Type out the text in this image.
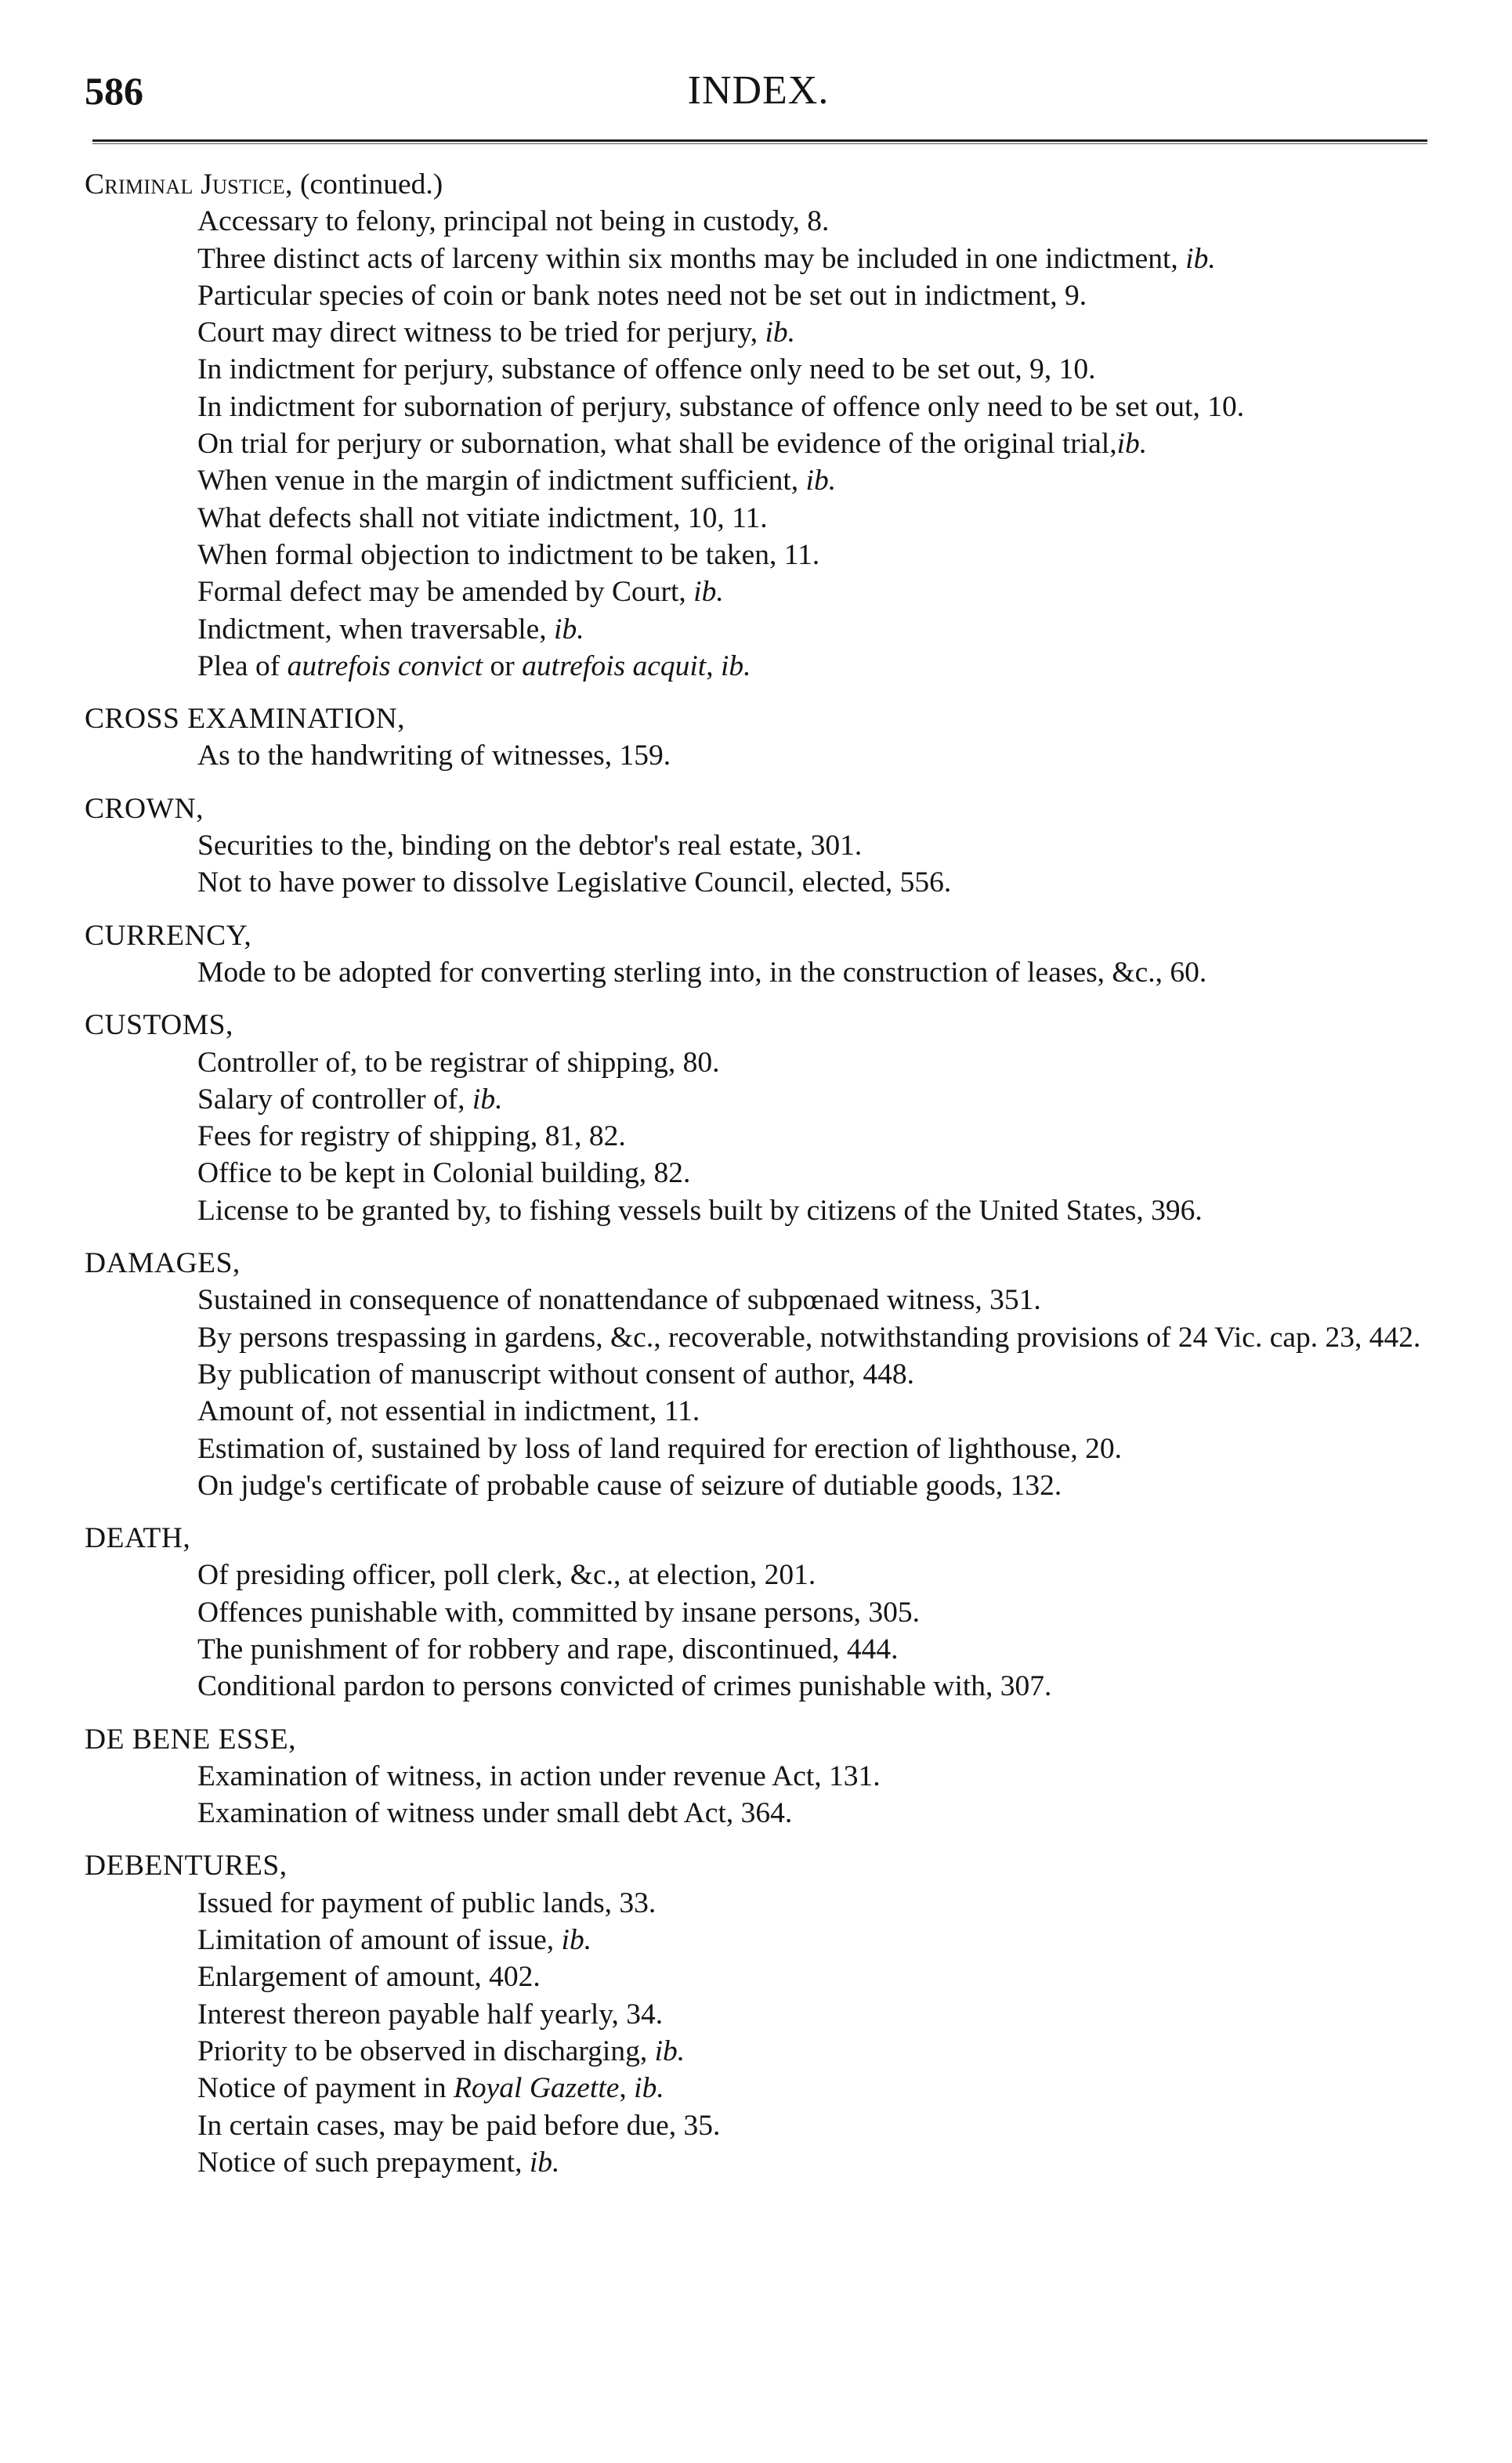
586	INDEX.

Criminal Justice, (continued.)

Accessary to felony, principal not being in custody, 8.

Three distinct acts of larceny within six months may be included in one indictment, ib.

Particular species of coin or bank notes need not be set out in indictment, 9.

Court may direct witness to be tried for perjury, ib.

In indictment for perjury, substance of offence only need to be set out, 9, 10.

In indictment for subornation of perjury, substance of offence only need to be set out, 10.

On trial for perjury or subornation, what shall be evidence of the original trial,ib.

When venue in the margin of indictment sufficient, ib.

What defects shall not vitiate indictment, 10, 11.

When formal objection to indictment to be taken, 11.

Formal defect may be amended by Court, ib.

Indictment, when traversable, ib.

Plea of autrefois convict or autrefois acquit, ib.

CROSS EXAMINATION,

As to the handwriting of witnesses, 159.

CROWN,

Securities to the, binding on the debtor's real estate, 301.

Not to have power to dissolve Legislative Council, elected, 556.

CURRENCY,

Mode to be adopted for converting sterling into, in the construction of leases, &c., 60.

CUSTOMS,

Controller of, to be registrar of shipping, 80.

Salary of controller of, ib.

Fees for registry of shipping, 81, 82.

Office to be kept in Colonial building, 82.

License to be granted by, to fishing vessels built by citizens of the United States, 396.

DAMAGES,

Sustained in consequence of nonattendance of subpœnaed witness, 351.

By persons trespassing in gardens, &c., recoverable, notwithstanding provisions of 24 Vic. cap. 23, 442.

By publication of manuscript without consent of author, 448.

Amount of, not essential in indictment, 11.

Estimation of, sustained by loss of land required for erection of lighthouse, 20.

On judge's certificate of probable cause of seizure of dutiable goods, 132.

DEATH,

Of presiding officer, poll clerk, &c., at election, 201.

Offences punishable with, committed by insane persons, 305.

The punishment of for robbery and rape, discontinued, 444.

Conditional pardon to persons convicted of crimes punishable with, 307.

DE BENE ESSE,

Examination of witness, in action under revenue Act, 131.

Examination of witness under small debt Act, 364.

DEBENTURES,

Issued for payment of public lands, 33.

Limitation of amount of issue, ib.

Enlargement of amount, 402.

Interest thereon payable half yearly, 34.

Priority to be observed in discharging, ib.

Notice of payment in Royal Gazette, ib.

In certain cases, may be paid before due, 35.

Notice of such prepayment, ib.
